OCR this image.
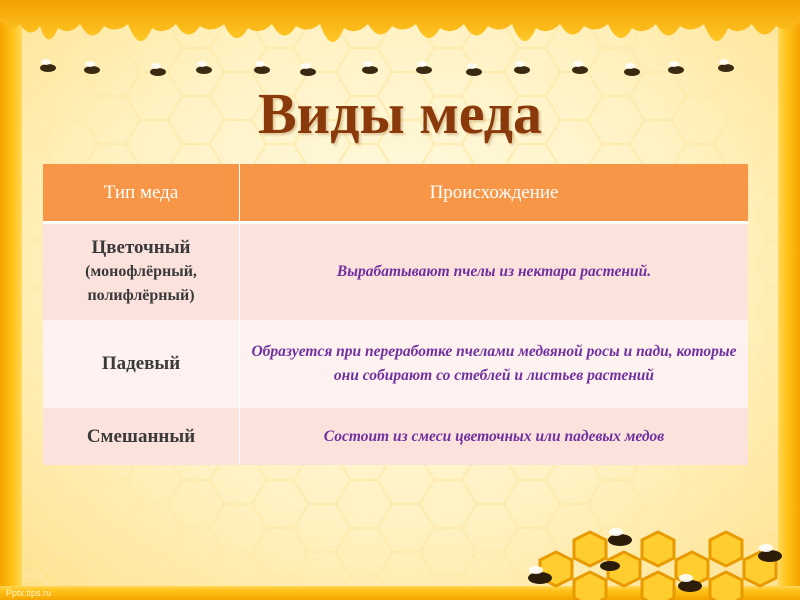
Виды меда
Тип меда	Происхождение

Цветочный
(монофлёрный, полифлёрный)	Вырабатывают пчелы из нектара растений.

Падевый	Образуется при переработке пчелами медвяной росы и пади, которые они собирают со стеблей и листьев растений

Смешанный	Состоит из смеси цветочных или падевых медов
Pptx.tips.ru
